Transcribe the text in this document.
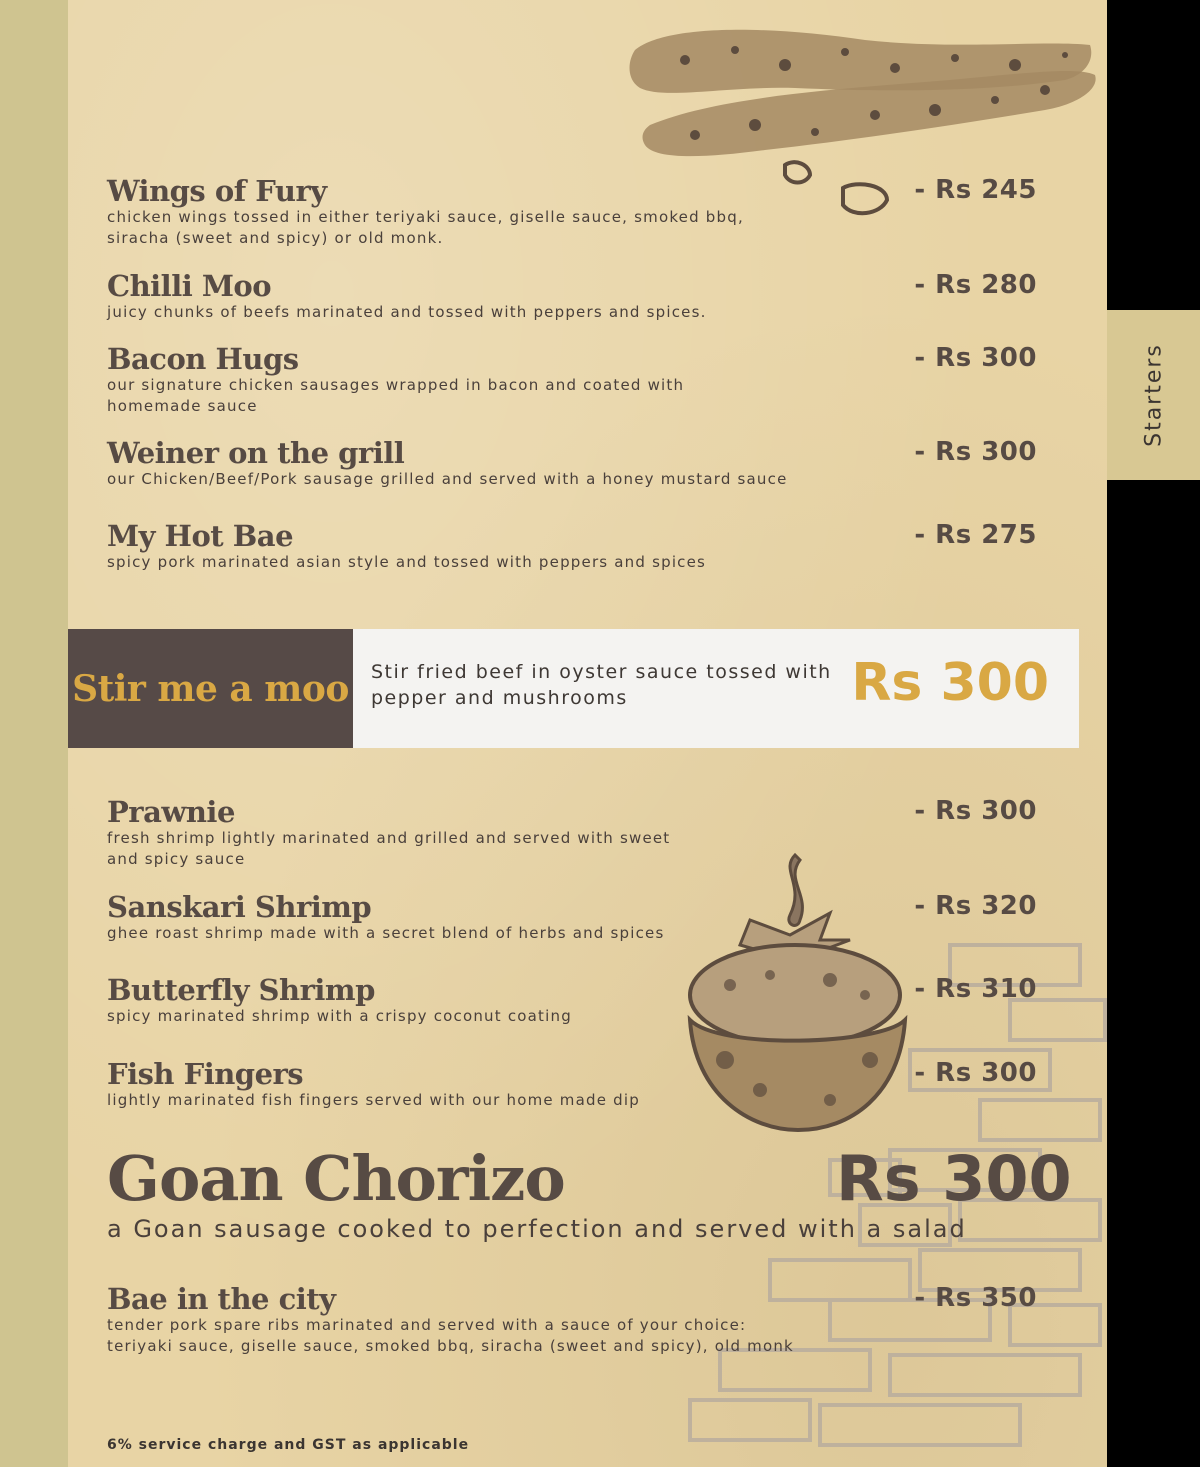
Starters
Wings of Fury
chicken wings tossed in either teriyaki sauce, giselle sauce, smoked bbq, siracha (sweet and spicy) or old monk.
- Rs 245
Chilli Moo
juicy chunks of beefs marinated and tossed with peppers and spices.
- Rs 280
Bacon Hugs
our signature chicken sausages wrapped in bacon and coated with homemade sauce
- Rs 300
Weiner on the grill
our Chicken/Beef/Pork sausage grilled and served with a honey mustard sauce
- Rs 300
My Hot Bae
spicy pork marinated asian style and tossed with peppers and spices
- Rs 275
Stir me a moo Stir fried beef in oyster sauce tossed with pepper and mushrooms	Rs 300
Prawnie
fresh shrimp lightly marinated and grilled and served with sweet and spicy sauce
- Rs 300
Sanskari Shrimp
ghee roast shrimp made with a secret blend of herbs and spices
- Rs 320
Butterfly Shrimp
spicy marinated shrimp with a crispy coconut coating
- Rs 310
Fish Fingers
lightly marinated fish fingers served with our home made dip
- Rs 300
Goan Chorizo	Rs 300
a Goan sausage cooked to perfection and served with a salad
Bae in the city
tender pork spare ribs marinated and served with a sauce of your choice: teriyaki sauce, giselle sauce, smoked bbq, siracha (sweet and spicy), old monk
- Rs 350
6% service charge and GST as applicable
